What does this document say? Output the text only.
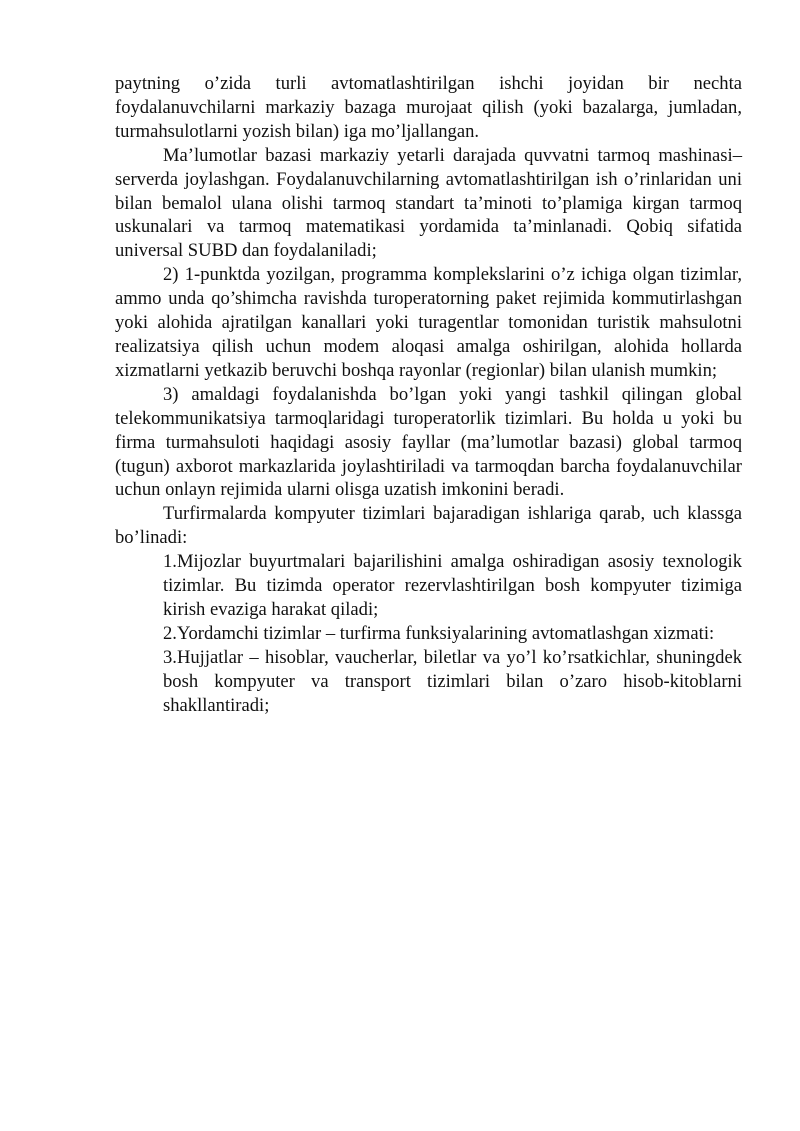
paytning o’zida turli avtomatlashtirilgan ishchi joyidan bir nechta foydalanuvchilarni markaziy bazaga murojaat qilish (yoki bazalarga, jumladan, turmahsulotlarni yozish bilan) iga mo’ljallangan.

Ma’lumotlar bazasi markaziy yetarli darajada quvvatni tarmoq mashinasi–serverda joylashgan. Foydalanuvchilarning avtomatlashtirilgan ish o’rinlaridan uni bilan bemalol ulana olishi tarmoq standart ta’minoti to’plamiga kirgan tarmoq uskunalari va tarmoq matematikasi yordamida ta’minlanadi. Qobiq sifatida universal SUBD dan foydalaniladi;

2) 1-punktda yozilgan, programma komplekslarini o’z ichiga olgan tizimlar, ammo unda qo’shimcha ravishda turoperatorning paket rejimida kommutirlashgan yoki alohida ajratilgan kanallari yoki turagentlar tomonidan turistik mahsulotni realizatsiya qilish uchun modem aloqasi amalga oshirilgan, alohida hollarda xizmatlarni yetkazib beruvchi boshqa rayonlar (regionlar) bilan ulanish mumkin;

3) amaldagi foydalanishda bo’lgan yoki yangi tashkil qilingan global telekommunikatsiya tarmoqlaridagi turoperatorlik tizimlari. Bu holda u yoki bu firma turmahsuloti haqidagi asosiy fayllar (ma’lumotlar bazasi) global tarmoq (tugun) axborot markazlarida joylashtiriladi va tarmoqdan barcha foydalanuvchilar uchun onlayn rejimida ularni olisga uzatish imkonini beradi.

Turfirmalarda kompyuter tizimlari bajaradigan ishlariga qarab, uch klassga bo’linadi:

1.Mijozlar buyurtmalari bajarilishini amalga oshiradigan asosiy texnologik tizimlar. Bu tizimda operator rezervlashtirilgan bosh kompyuter tizimiga kirish evaziga harakat qiladi;

2.Yordamchi tizimlar – turfirma funksiyalarining avtomatlashgan xizmati:

3.Hujjatlar – hisoblar, vaucherlar, biletlar va yo’l ko’rsatkichlar, shuningdek bosh kompyuter va transport tizimlari bilan o’zaro hisob-kitoblarni shakllantiradi;
